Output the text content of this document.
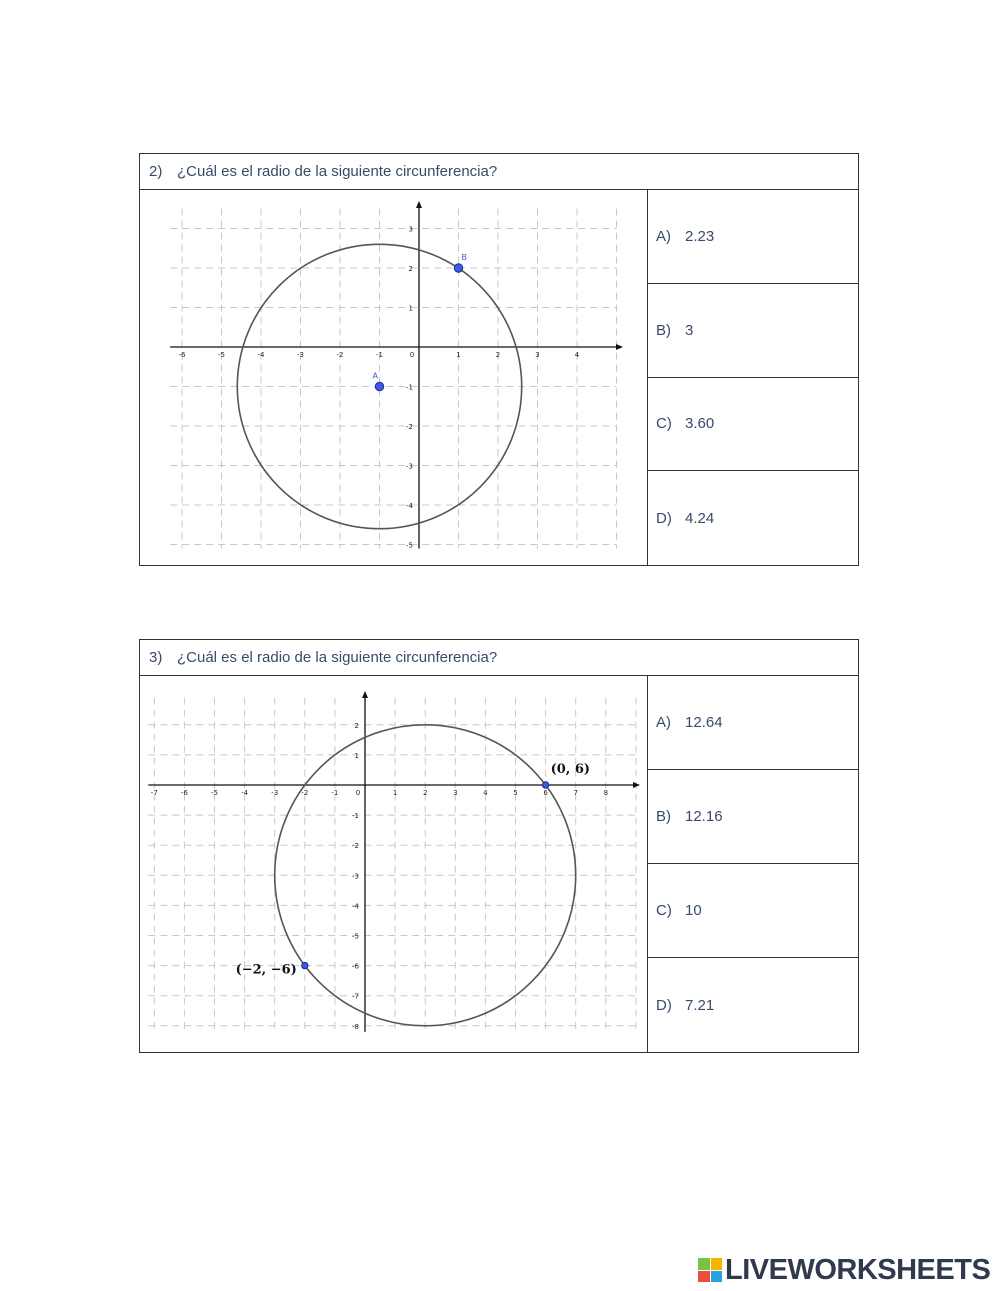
2) ¿Cuál es el radio de la siguiente circunferencia?
-6	-5	-4	-3	-2	-1	0	1	2	3	4
3
2
1
-1
-2
-3
-4
-5
A
B
A) 2.23
B) 3
C) 3.60
D) 4.24
3) ¿Cuál es el radio de la siguiente circunferencia?
-7	-6	-5	-4	-3	-2	-1 0	1	2	3	4	5	6	7	8
2
1
-1
-2
-3
-4
-5
-6
-7
-8
(0, 6)
(−2, −6)
A) 12.64
B) 12.16
C) 10
D) 7.21
LIVEWORKSHEETS
